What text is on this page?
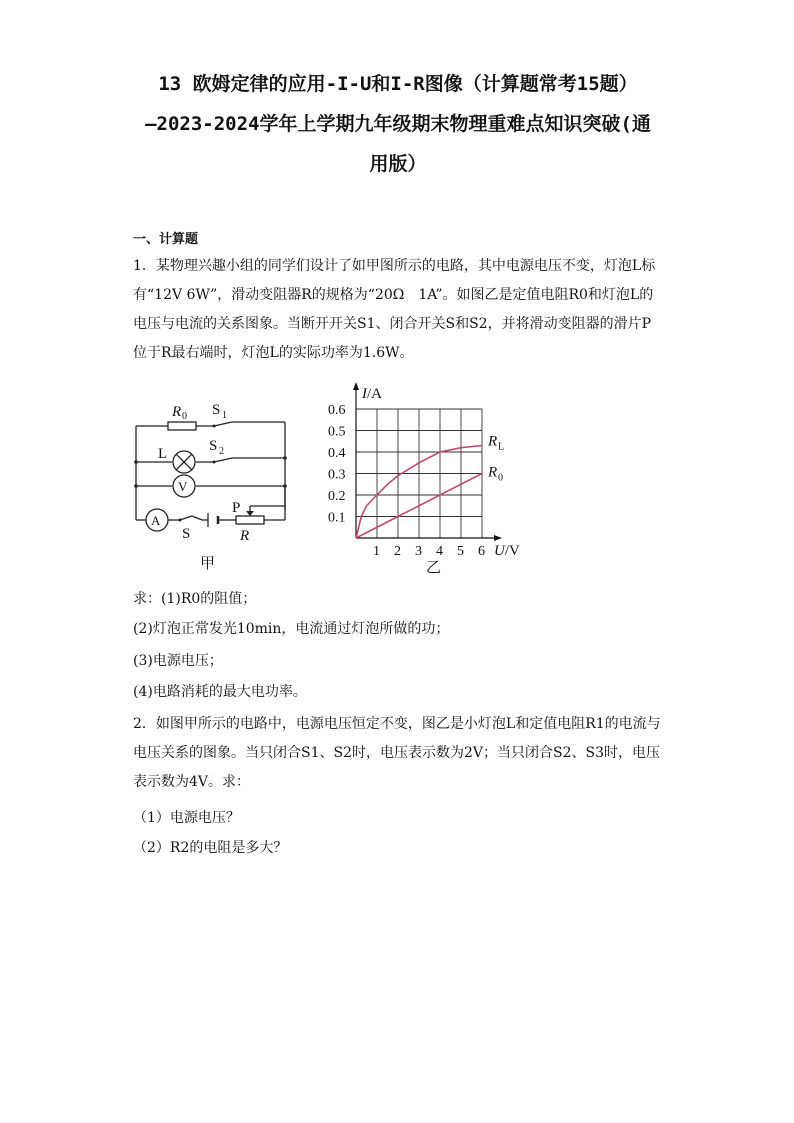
13 欧姆定律的应用-I-U和I-R图像（计算题常考15题）
—2023-2024学年上学期九年级期末物理重难点知识突破(通
用版）
一、计算题
1．某物理兴趣小组的同学们设计了如甲图所示的电路，其中电源电压不变，灯泡L标有“12V 6W”，滑动变阻器R的规格为“20Ω　1A”。如图乙是定值电阻R0和灯泡L的电压与电流的关系图象。当断开开关S1、闭合开关S和S2，并将滑动变阻器的滑片P位于R最右端时，灯泡L的实际功率为1.6W。
R 0 S 1
S 2
L
V
A
S
P
R
甲
1 2 3 4 5 6
0.1
0.2
0.3
0.4
0.5
0.6
R L
R 0
I/A
U/V
乙
求：(1)R0的阻值；
(2)灯泡正常发光10min，电流通过灯泡所做的功；
(3)电源电压；
(4)电路消耗的最大电功率。
2．如图甲所示的电路中，电源电压恒定不变，图乙是小灯泡L和定值电阻R1的电流与电压关系的图象。当只闭合S1、S2时，电压表示数为2V；当只闭合S2、S3时，电压表示数为4V。求：
（1）电源电压？
（2）R2的电阻是多大？
